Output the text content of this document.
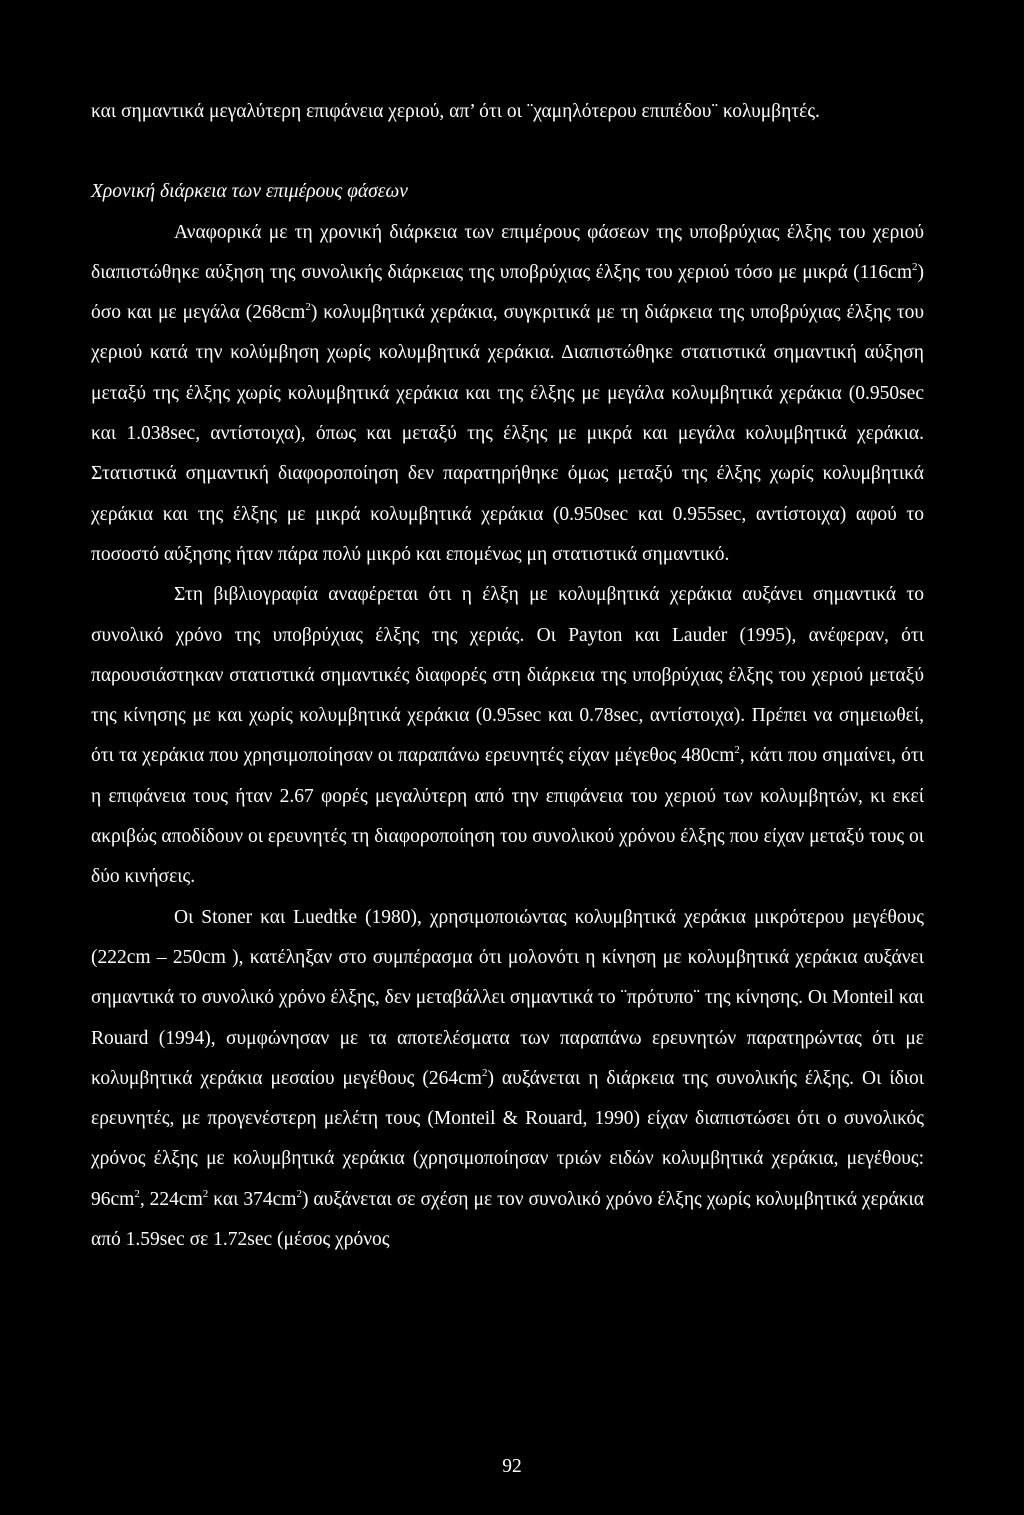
και σημαντικά μεγαλύτερη επιφάνεια χεριού, απ’ ότι οι ¨χαμηλότερου επιπέδου¨ κολυμβητές.

Χρονική διάρκεια των επιμέρους φάσεων

Αναφορικά με τη χρονική διάρκεια των επιμέρους φάσεων της υποβρύχιας έλξης του χεριού διαπιστώθηκε αύξηση της συνολικής διάρκειας της υποβρύχιας έλξης του χεριού τόσο με μικρά $(116cm^2)$ όσο και με μεγάλα $(268cm^2)$ κολυμβητικά χεράκια, συγκριτικά με τη διάρκεια της υποβρύχιας έλξης του χεριού κατά την κολύμβηση χωρίς κολυμβητικά χεράκια. Διαπιστώθηκε στατιστικά σημαντική αύξηση μεταξύ της έλξης χωρίς κολυμβητικά χεράκια και της έλξης με μεγάλα κολυμβητικά χεράκια (0.950sec και 1.038sec, αντίστοιχα), όπως και μεταξύ της έλξης με μικρά και μεγάλα κολυμβητικά χεράκια. Στατιστικά σημαντική διαφοροποίηση δεν παρατηρήθηκε όμως μεταξύ της έλξης χωρίς κολυμβητικά χεράκια και της έλξης με μικρά κολυμβητικά χεράκια (0.950sec και 0.955sec, αντίστοιχα) αφού το ποσοστό αύξησης ήταν πάρα πολύ μικρό και επομένως μη στατιστικά σημαντικό.

Στη βιβλιογραφία αναφέρεται ότι η έλξη με κολυμβητικά χεράκια αυξάνει σημαντικά το συνολικό χρόνο της υποβρύχιας έλξης της χεριάς. Οι Payton και Lauder (1995), ανέφεραν, ότι παρουσιάστηκαν στατιστικά σημαντικές διαφορές στη διάρκεια της υποβρύχιας έλξης του χεριού μεταξύ της κίνησης με και χωρίς κολυμβητικά χεράκια (0.95sec και 0.78sec, αντίστοιχα). Πρέπει να σημειωθεί, ότι τα χεράκια που χρησιμοποίησαν οι παραπάνω ερευνητές είχαν μέγεθος $480cm^2$, κάτι που σημαίνει, ότι η επιφάνεια τους ήταν 2.67 φορές μεγαλύτερη από την επιφάνεια του χεριού των κολυμβητών, κι εκεί ακριβώς αποδίδουν οι ερευνητές τη διαφοροποίηση του συνολικού χρόνου έλξης που είχαν μεταξύ τους οι δύο κινήσεις.

Οι Stoner και Luedtke (1980), χρησιμοποιώντας κολυμβητικά χεράκια μικρότερου μεγέθους (222cm – 250cm ), κατέληξαν στο συμπέρασμα ότι μολονότι η κίνηση με κολυμβητικά χεράκια αυξάνει σημαντικά το συνολικό χρόνο έλξης, δεν μεταβάλλει σημαντικά το ¨πρότυπο¨ της κίνησης. Οι Monteil και Rouard (1994), συμφώνησαν με τα αποτελέσματα των παραπάνω ερευνητών παρατηρώντας ότι με κολυμβητικά χεράκια μεσαίου μεγέθους $(264cm^2)$ αυξάνεται η διάρκεια της συνολικής έλξης. Οι ίδιοι ερευνητές, με προγενέστερη μελέτη τους (Monteil & Rouard, 1990) είχαν διαπιστώσει ότι ο συνολικός χρόνος έλξης με κολυμβητικά χεράκια (χρησιμοποίησαν τριών ειδών κολυμβητικά χεράκια, μεγέθους: $96cm^2$, $224cm^2$ και $374cm^2$) αυξάνεται σε σχέση με τον συνολικό χρόνο έλξης χωρίς κολυμβητικά χεράκια από 1.59sec σε 1.72sec (μέσος χρόνος

92
